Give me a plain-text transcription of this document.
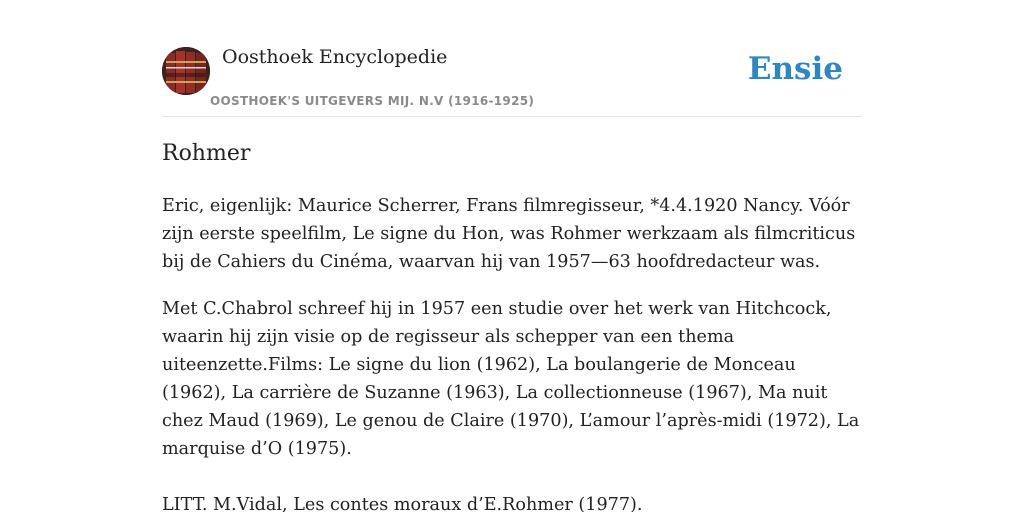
Oosthoek Encyclopedie
OOSTHOEK'S UITGEVERS MIJ. N.V (1916-1925)
Ensie
Rohmer

Eric, eigenlijk: Maurice Scherrer, Frans filmregisseur, *4.4.1920 Nancy. Vóór zijn eerste speelfilm, Le signe du Hon, was Rohmer werkzaam als filmcriticus bij de Cahiers du Cinéma, waarvan hij van 1957—63 hoofdredacteur was.

Met C.Chabrol schreef hij in 1957 een studie over het werk van Hitchcock, waarin hij zijn visie op de regisseur als schepper van een thema uiteenzette.Films: Le signe du lion (1962), La boulangerie de Monceau (1962), La carrière de Suzanne (1963), La collectionneuse (1967), Ma nuit chez Maud (1969), Le genou de Claire (1970), L’amour l’après-midi (1972), La marquise d’O (1975).

LITT. M.Vidal, Les contes moraux d’E.Rohmer (1977).
